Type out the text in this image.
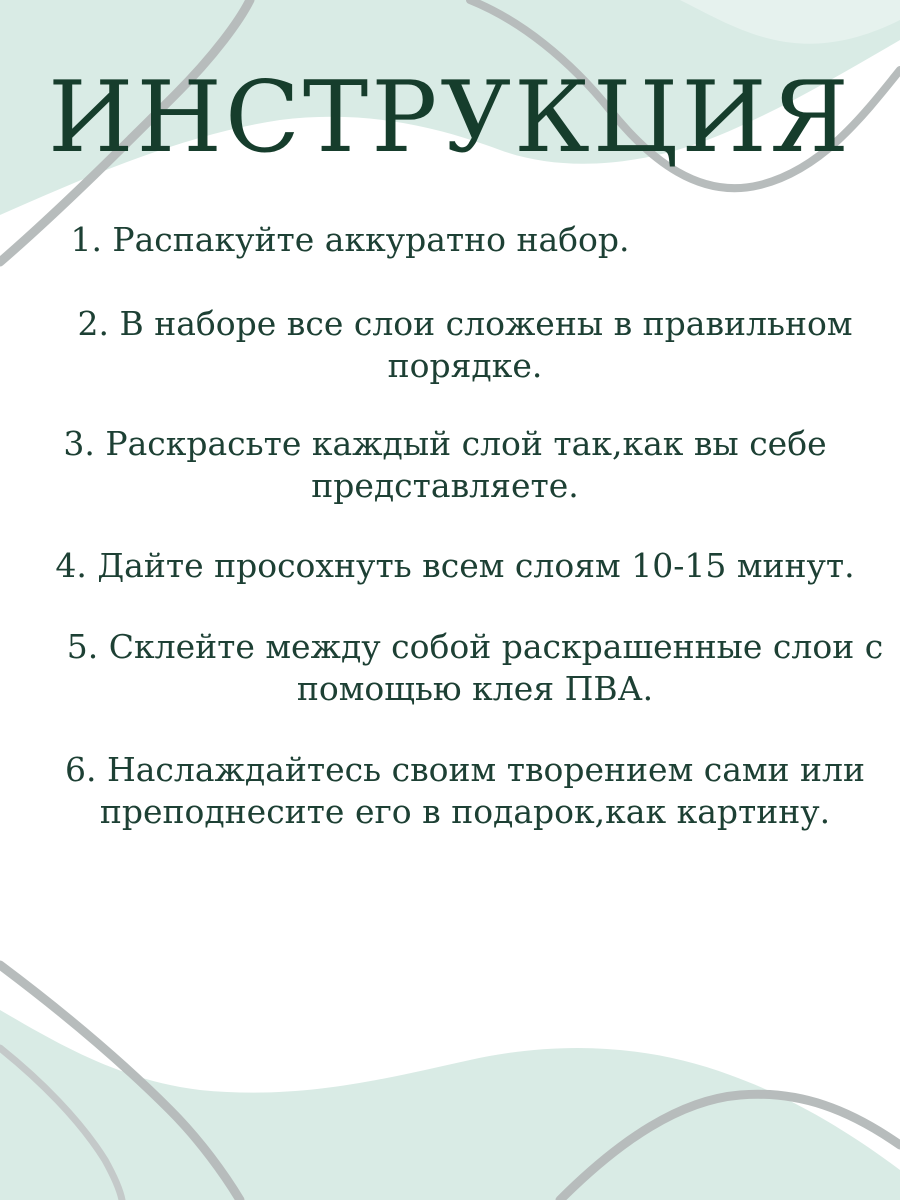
ИНСТРУКЦИЯ

1. Распакуйте аккуратно набор.

2. В наборе все слои сложены в правильном
порядке.

3. Раскрасьте каждый слой так,как вы себе
представляете.

4. Дайте просохнуть всем слоям 10-15 минут.

5. Склейте между собой раскрашенные слои с
помощью клея ПВА.

6. Наслаждайтесь своим творением сами или
преподнесите его в подарок,как картину.
